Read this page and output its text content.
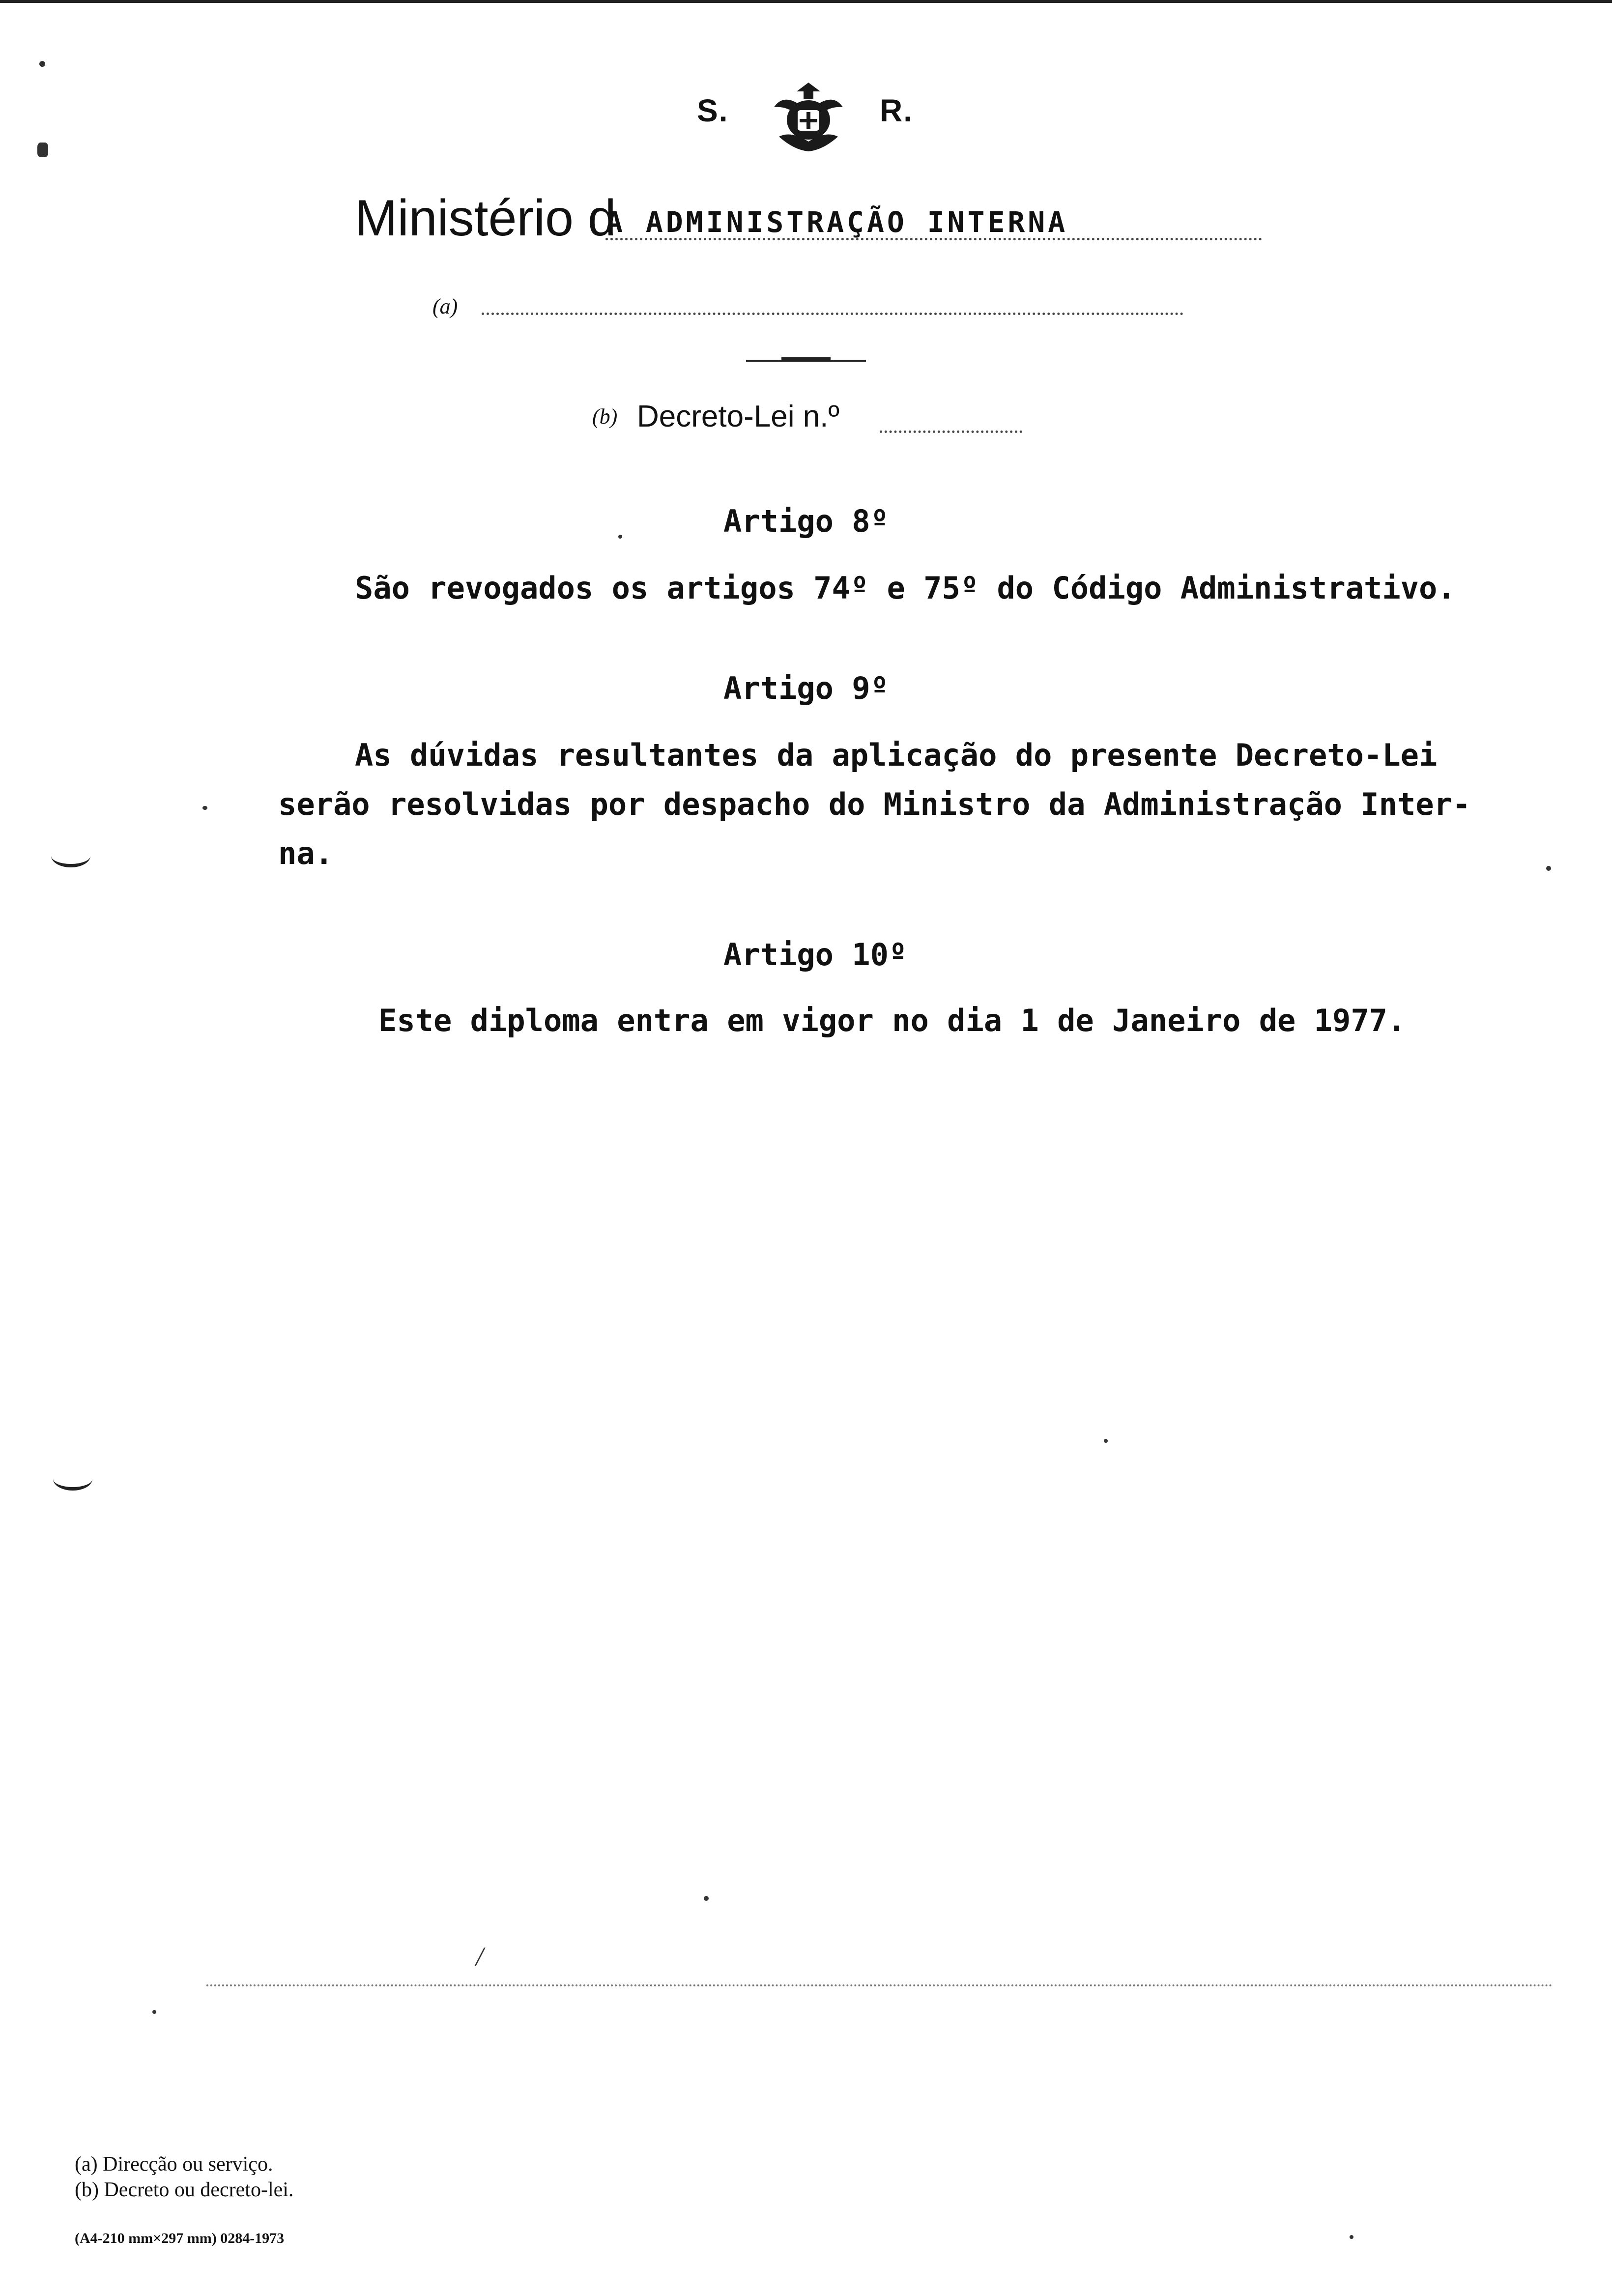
S.	R.
Ministério d
A ADMINISTRAÇÃO INTERNA
(a)
(b) Decreto-Lei n.º
Artigo 8º
São revogados os artigos 74º e 75º do Código Administrativo.
Artigo 9º
As dúvidas resultantes da aplicação do presente Decreto-Lei
serão resolvidas por despacho do Ministro da Administração Inter-
na.
Artigo 10º
Este diploma entra em vigor no dia 1 de Janeiro de 1977.
/
(a) Direcção ou serviço.
(b) Decreto ou decreto-lei.
(A4-210 mm×297 mm) 0284-1973
